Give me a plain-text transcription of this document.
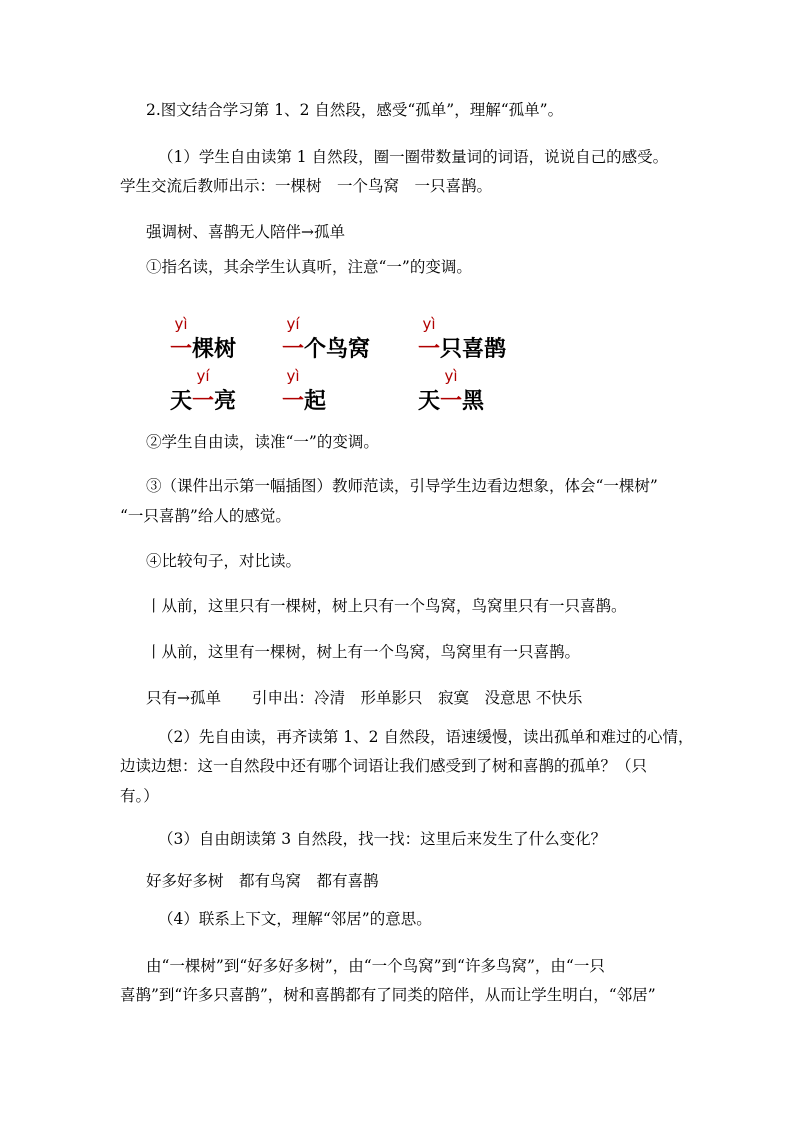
2.图文结合学习第 1、2 自然段，感受“孤单”，理解“孤单”。

（1）学生自由读第 1 自然段，圈一圈带数量词的词语，说说自己的感受。

学生交流后教师出示：一棵树　一个鸟窝　一只喜鹊。

强调树、喜鹊无人陪伴→孤单

①指名读，其余学生认真听，注意“一”的变调。

yì
一棵树
yí
一个鸟窝
yì
一只喜鹊
天
yí
一亮
yì
一起	天
yì
一黑

②学生自由读，读准“一”的变调。

③（课件出示第一幅插图）教师范读，引导学生边看边想象，体会“一棵树”

“一只喜鹊”给人的感觉。

④比较句子，对比读。

丨从前，这里只有一棵树，树上只有一个鸟窝，鸟窝里只有一只喜鹊。

丨从前，这里有一棵树，树上有一个鸟窝，鸟窝里有一只喜鹊。

只有→孤单　　引申出：冷清　形单影只　寂寞　没意思 不快乐

（2）先自由读，再齐读第 1、2 自然段，语速缓慢，读出孤单和难过的心情，

边读边想：这一自然段中还有哪个词语让我们感受到了树和喜鹊的孤单？（只

有。）

（3）自由朗读第 3 自然段，找一找：这里后来发生了什么变化？

好多好多树　都有鸟窝　都有喜鹊

（4）联系上下文，理解“邻居”的意思。

由“一棵树”到“好多好多树”，由“一个鸟窝”到“许多鸟窝”，由“一只

喜鹊”到“许多只喜鹊”，树和喜鹊都有了同类的陪伴，从而让学生明白，“邻居”
